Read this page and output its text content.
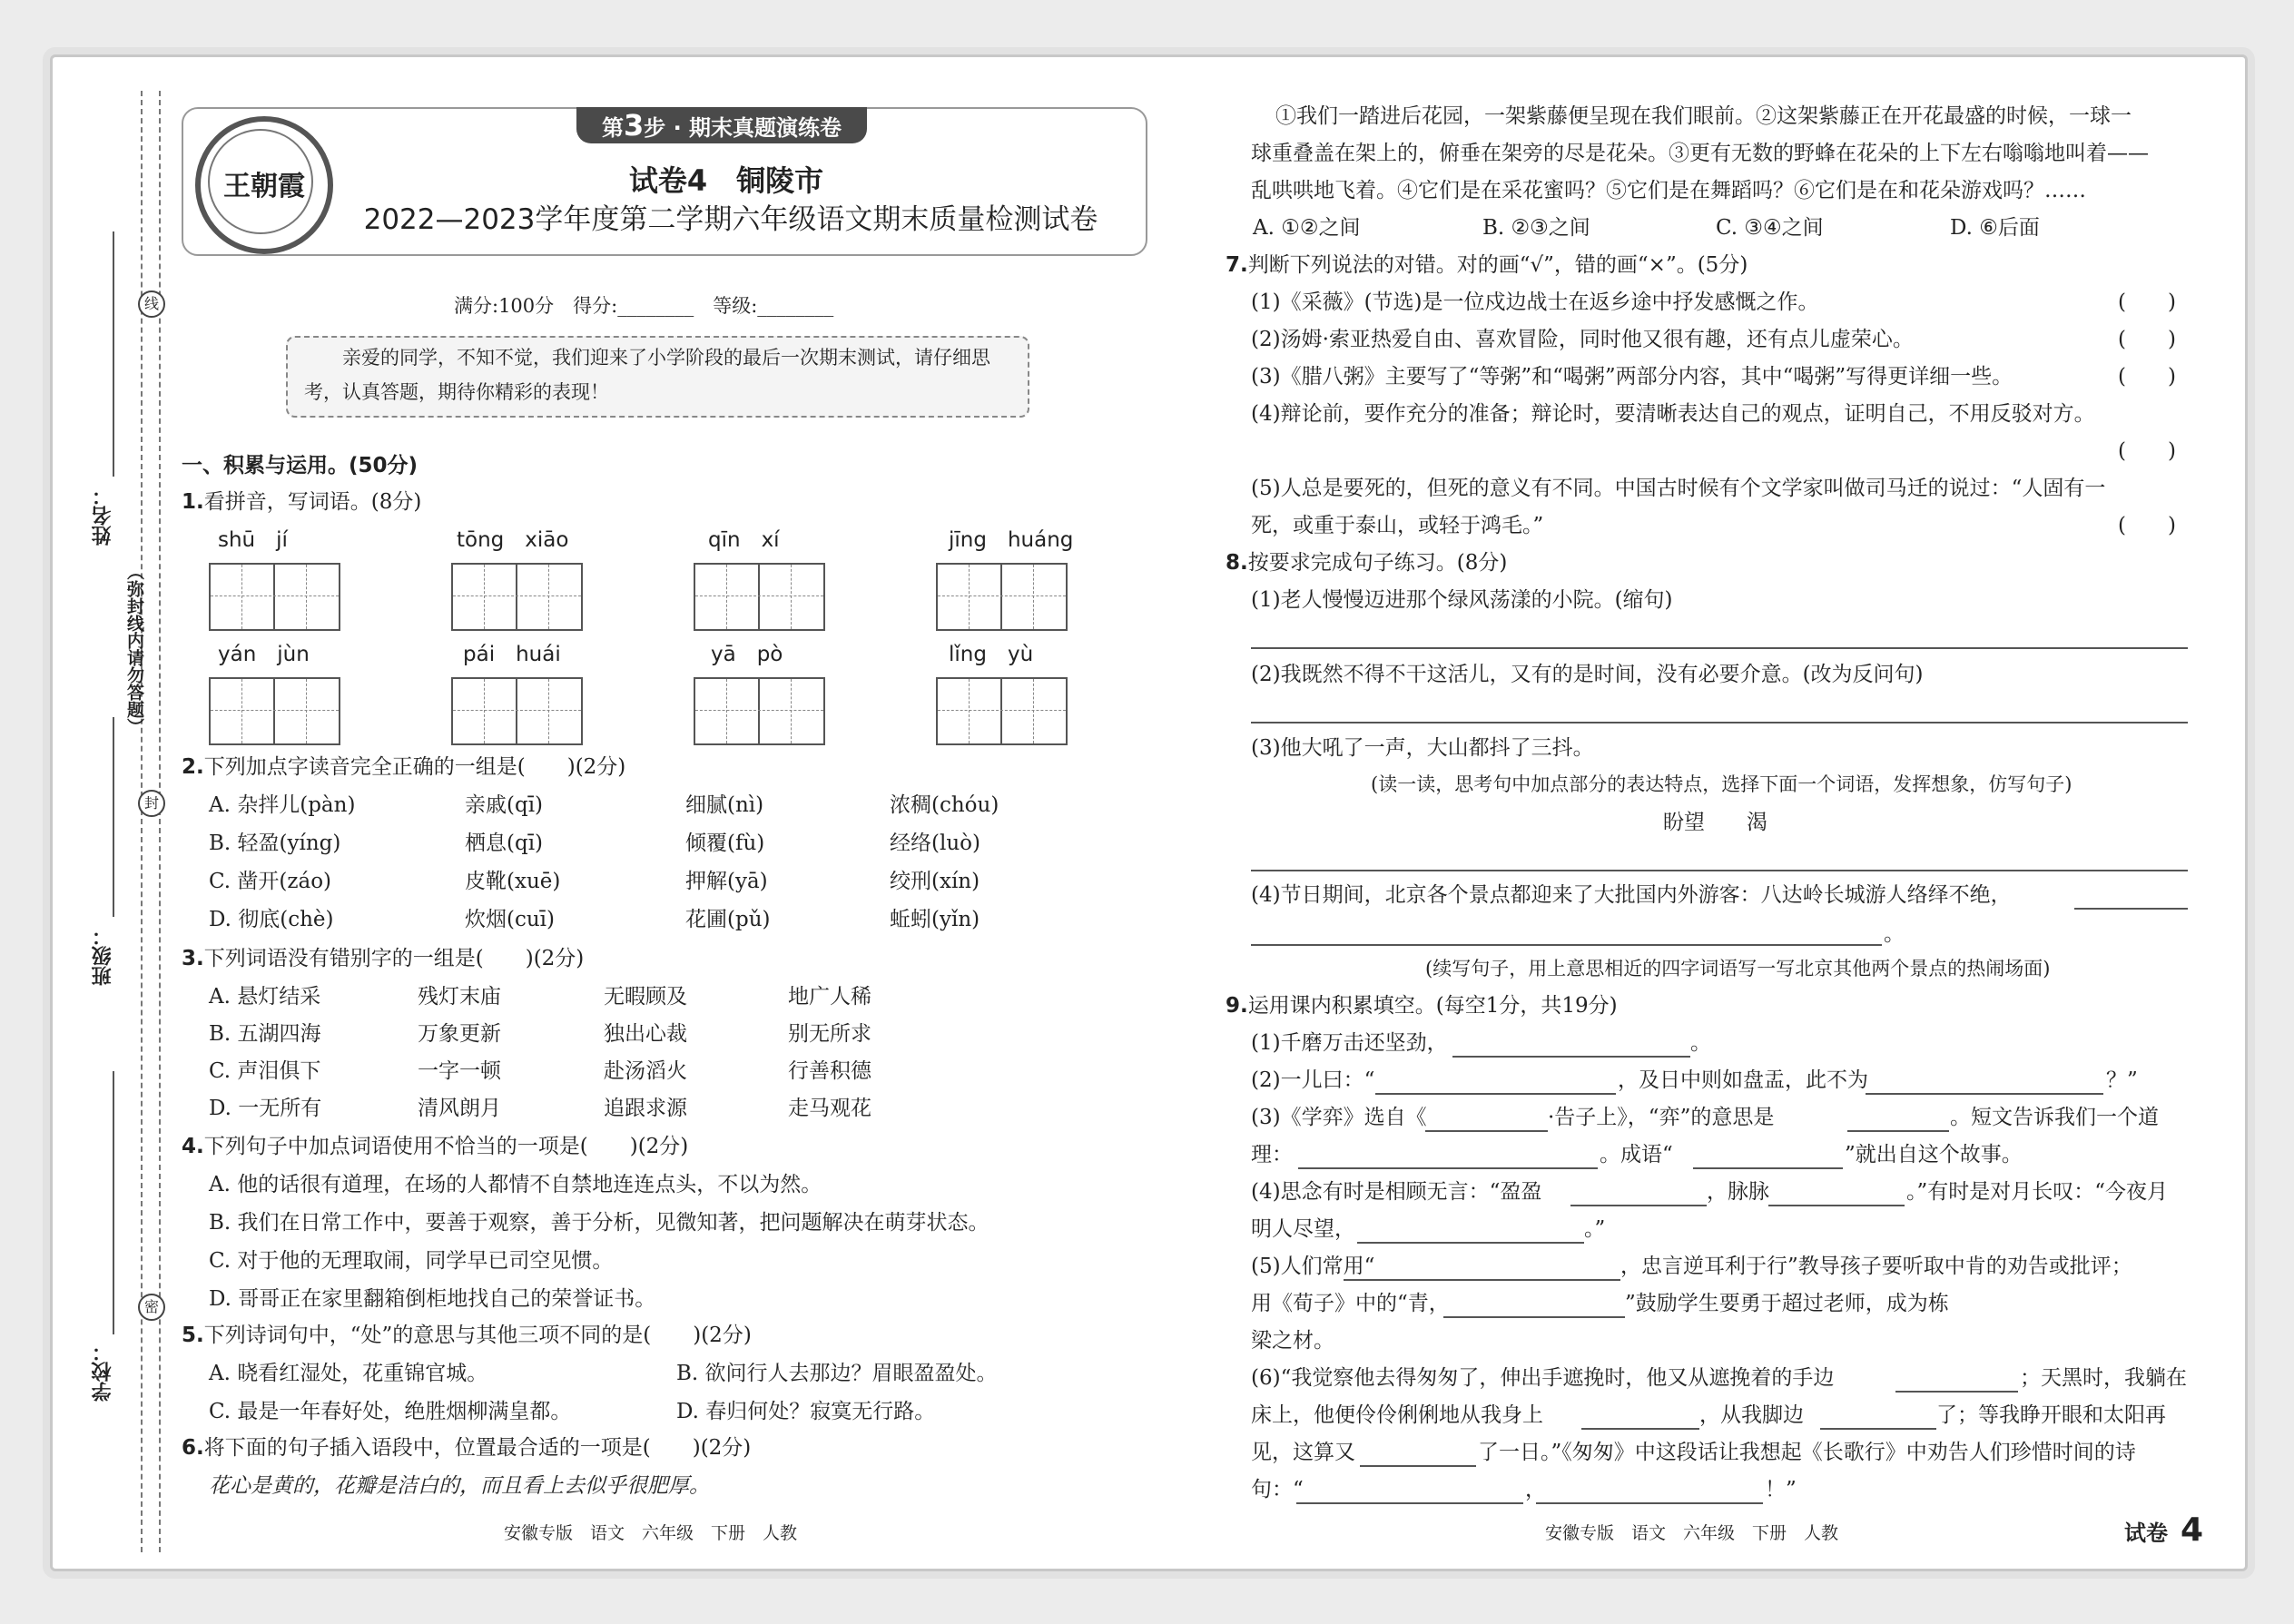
线
封
密
（弥封线内请勿答题）
姓名：
班级：
学校：
王朝霞
第3步 · 期末真题演练卷
试卷4　铜陵市
2022—2023学年度第二学期六年级语文期末质量检测试卷
满分:100分　得分:________　等级:________
亲爱的同学，不知不觉，我们迎来了小学阶段的最后一次期末测试，请仔细思
考，认真答题，期待你精彩的表现！
一、积累与运用。(50分)
1.看拼音，写词语。(8分)
shū　jí	tōng　xiāo	qīn　xí	jīng　huáng
yán　jùn	pái　huái	yā　pò	lǐng　yù
2.下列加点字读音完全正确的一组是(　　)(2分)
A. 杂拌儿(pàn)	亲戚(qī)	细腻(nì)	浓稠(chóu)
B. 轻盈(yíng)	栖息(qī)	倾覆(fù)	经络(luò)
C. 凿开(záo)	皮靴(xuē)	押解(yā)	绞刑(xín)
D. 彻底(chè)	炊烟(cuī)	花圃(pǔ)	蚯蚓(yǐn)
3.下列词语没有错别字的一组是(　　)(2分)
A. 悬灯结采	残灯末庙	无暇顾及	地广人稀
B. 五湖四海	万象更新	独出心裁	别无所求
C. 声泪俱下	一字一顿	赴汤滔火	行善积德
D. 一无所有	清风朗月	追跟求源	走马观花
4.下列句子中加点词语使用不恰当的一项是(　　)(2分)
A. 他的话很有道理，在场的人都情不自禁地连连点头，不以为然。
B. 我们在日常工作中，要善于观察，善于分析，见微知著，把问题解决在萌芽状态。
C. 对于他的无理取闹，同学早已司空见惯。
D. 哥哥正在家里翻箱倒柜地找自己的荣誉证书。
5.下列诗词句中，“处”的意思与其他三项不同的是(　　)(2分)
A. 晓看红湿处，花重锦官城。	B. 欲问行人去那边？眉眼盈盈处。
C. 最是一年春好处，绝胜烟柳满皇都。	D. 春归何处？寂寞无行路。
6.将下面的句子插入语段中，位置最合适的一项是(　　)(2分)
花心是黄的，花瓣是洁白的，而且看上去似乎很肥厚。
安徽专版　语文　六年级　下册　人教
①我们一踏进后花园，一架紫藤便呈现在我们眼前。②这架紫藤正在开花最盛的时候，一球一
球重叠盖在架上的，俯垂在架旁的尽是花朵。③更有无数的野蜂在花朵的上下左右嗡嗡地叫着——
乱哄哄地飞着。④它们是在采花蜜吗？⑤它们是在舞蹈吗？⑥它们是在和花朵游戏吗？……
A. ①②之间	B. ②③之间	C. ③④之间	D. ⑥后面
7.判断下列说法的对错。对的画“√”，错的画“×”。(5分)
(1)《采薇》(节选)是一位戍边战士在返乡途中抒发感慨之作。	(　　)
(2)汤姆·索亚热爱自由、喜欢冒险，同时他又很有趣，还有点儿虚荣心。	(　　)
(3)《腊八粥》主要写了“等粥”和“喝粥”两部分内容，其中“喝粥”写得更详细一些。	(　　)
(4)辩论前，要作充分的准备；辩论时，要清晰表达自己的观点，证明自己，不用反驳对方。
(　　)
(5)人总是要死的，但死的意义有不同。中国古时候有个文学家叫做司马迁的说过：“人固有一
死，或重于泰山，或轻于鸿毛。”	(　　)
8.按要求完成句子练习。(8分)
(1)老人慢慢迈进那个绿风荡漾的小院。(缩句)
(2)我既然不得不干这活儿，又有的是时间，没有必要介意。(改为反问句)
(3)他大吼了一声，大山都抖了三抖。
(读一读，思考句中加点部分的表达特点，选择下面一个词语，发挥想象，仿写句子)
盼望　　渴
(4)节日期间，北京各个景点都迎来了大批国内外游客：八达岭长城游人络绎不绝，
。
(续写句子，用上意思相近的四字词语写一写北京其他两个景点的热闹场面)
9.运用课内积累填空。(每空1分，共19分)
(1)千磨万击还坚劲，	。
(2)一儿曰：“	，及日中则如盘盂，此不为	？”
(3)《学弈》选自《	·告子上》，“弈”的意思是	。短文告诉我们一个道
理：	。成语“	”就出自这个故事。
(4)思念有时是相顾无言：“盈盈	，脉脉	。”有时是对月长叹：“今夜月
明人尽望，	。”
(5)人们常用“	，忠言逆耳利于行”教导孩子要听取中肯的劝告或批评；
用《荀子》中的“青，	”鼓励学生要勇于超过老师，成为栋
梁之材。
(6)“我觉察他去得匆匆了，伸出手遮挽时，他又从遮挽着的手边	；天黑时，我躺在
床上，他便伶伶俐俐地从我身上	，从我脚边	了；等我睁开眼和太阳再
见，这算又	了一日。”《匆匆》中这段话让我想起《长歌行》中劝告人们珍惜时间的诗
句：“	，	！”
安徽专版　语文　六年级　下册　人教	试卷 4
